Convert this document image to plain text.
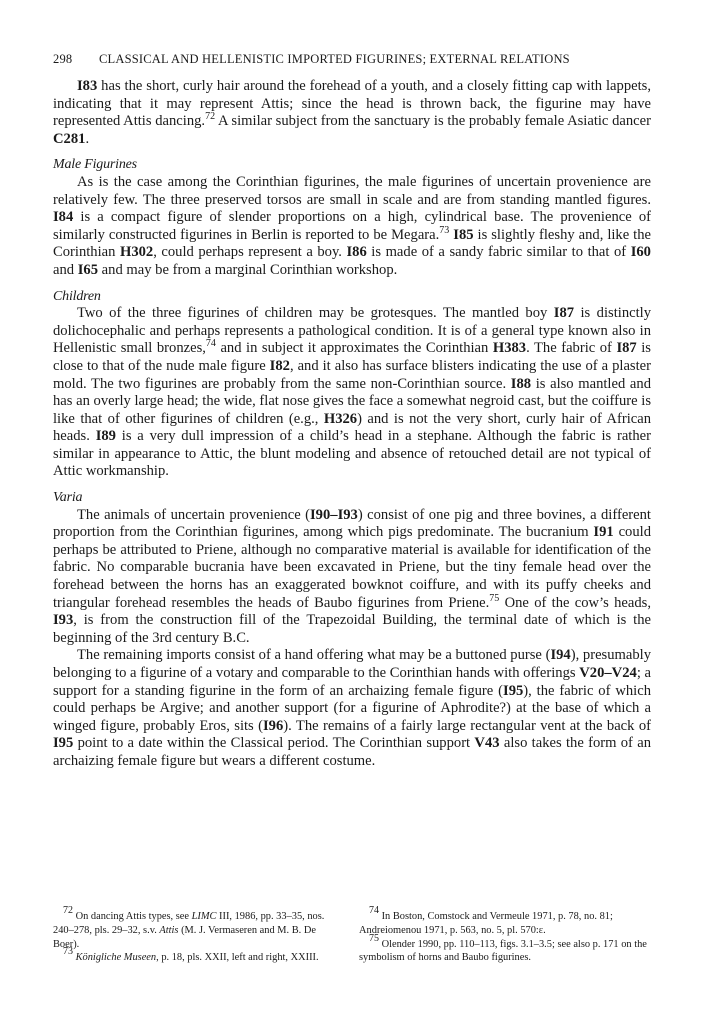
298 CLASSICAL AND HELLENISTIC IMPORTED FIGURINES; EXTERNAL RELATIONS

I83 has the short, curly hair around the forehead of a youth, and a closely fitting cap with lappets, indicating that it may represent Attis; since the head is thrown back, the figurine may have represented Attis dancing.$^{72}$ A similar subject from the sanctuary is the probably female Asiatic dancer C281.

Male Figurines

As is the case among the Corinthian figurines, the male figurines of uncertain provenience are relatively few. The three preserved torsos are small in scale and are from standing mantled figures. I84 is a compact figure of slender proportions on a high, cylindrical base. The provenience of similarly constructed figurines in Berlin is reported to be Megara.$^{73}$ I85 is slightly fleshy and, like the Corinthian H302, could perhaps represent a boy. I86 is made of a sandy fabric similar to that of I60 and I65 and may be from a marginal Corinthian workshop.

Children

Two of the three figurines of children may be grotesques. The mantled boy I87 is distinctly dolichocephalic and perhaps represents a pathological condition. It is of a general type known also in Hellenistic small bronzes,$^{74}$ and in subject it approximates the Corinthian H383. The fabric of I87 is close to that of the nude male figure I82, and it also has surface blisters indicating the use of a plaster mold. The two figurines are probably from the same non-Corinthian source. I88 is also mantled and has an overly large head; the wide, flat nose gives the face a somewhat negroid cast, but the coiffure is like that of other figurines of children (e.g., H326) and is not the very short, curly hair of African heads. I89 is a very dull impression of a child’s head in a stephane. Although the fabric is rather similar in appearance to Attic, the blunt modeling and absence of retouched detail are not typical of Attic workmanship.

Varia

The animals of uncertain provenience (I90–I93) consist of one pig and three bovines, a different proportion from the Corinthian figurines, among which pigs predominate. The bucranium I91 could perhaps be attributed to Priene, although no comparative material is available for identification of the fabric. No comparable bucrania have been excavated in Priene, but the tiny female head over the forehead between the horns has an exaggerated bowknot coiffure, and with its puffy cheeks and triangular forehead resembles the heads of Baubo figurines from Priene.$^{75}$ One of the cow’s heads, I93, is from the construction fill of the Trapezoidal Building, the terminal date of which is the beginning of the 3rd century B.C.

The remaining imports consist of a hand offering what may be a buttoned purse (I94), presumably belonging to a figurine of a votary and comparable to the Corinthian hands with offerings V20–V24; a support for a standing figurine in the form of an archaizing female figure (I95), the fabric of which could perhaps be Argive; and another support (for a figurine of Aphrodite?) at the base of which a winged figure, probably Eros, sits (I96). The remains of a fairly large rectangular vent at the back of I95 point to a date within the Classical period. The Corinthian support V43 also takes the form of an archaizing female figure but wears a different costume.

$^{72}$ On dancing Attis types, see LIMC III, 1986, pp. 33–35, nos. 240–278, pls. 29–32, s.v. Attis (M. J. Vermaseren and M. B. De Boer).

$^{73}$ Königliche Museen, p. 18, pls. XXII, left and right, XXIII.

$^{74}$ In Boston, Comstock and Vermeule 1971, p. 78, no. 81; Andreiomenou 1971, p. 563, no. 5, pl. 570:ε.

$^{75}$ Olender 1990, pp. 110–113, figs. 3.1–3.5; see also p. 171 on the symbolism of horns and Baubo figurines.
